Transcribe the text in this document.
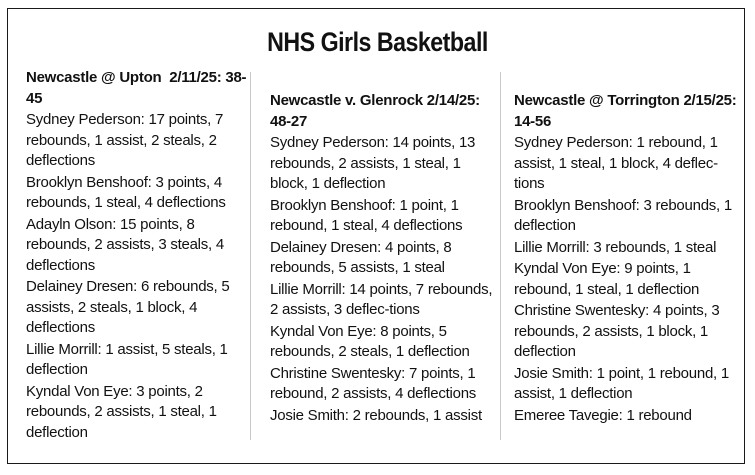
NHS Girls Basketball
Newcastle @ Upton  2/11/25: 38-45
Sydney Pederson: 17 points, 7 rebounds, 1 assist, 2 steals, 2 deflections
Brooklyn Benshoof: 3 points, 4 rebounds, 1 steal, 4 deflections
Adayln Olson: 15 points, 8 rebounds, 2 assists, 3 steals, 4 deflections
Delainey Dresen: 6 rebounds, 5 assists, 2 steals, 1 block, 4 deflections
Lillie Morrill: 1 assist, 5 steals, 1 deflection
Kyndal Von Eye: 3 points, 2 rebounds, 2 assists, 1 steal, 1 deflection
Newcastle v. Glenrock 2/14/25: 48-27
Sydney Pederson: 14 points, 13 rebounds, 2 assists, 1 steal, 1 block, 1 deflection
Brooklyn Benshoof: 1 point, 1 rebound, 1 steal, 4 deflections
Delainey Dresen: 4 points, 8 rebounds, 5 assists, 1 steal
Lillie Morrill: 14 points, 7 rebounds, 2 assists, 3 deflec-tions
Kyndal Von Eye: 8 points, 5 rebounds, 2 steals, 1 deflection
Christine Swentesky: 7 points, 1 rebound, 2 assists, 4 deflections
Josie Smith: 2 rebounds, 1 assist
Newcastle @ Torrington 2/15/25: 14-56
Sydney Pederson: 1 rebound, 1 assist, 1 steal, 1 block, 4 deflec-tions
Brooklyn Benshoof: 3 rebounds, 1 deflection
Lillie Morrill: 3 rebounds, 1 steal
Kyndal Von Eye: 9 points, 1 rebound, 1 steal, 1 deflection
Christine Swentesky: 4 points, 3 rebounds, 2 assists, 1 block, 1 deflection
Josie Smith: 1 point, 1 rebound, 1 assist, 1 deflection
Emeree Tavegie: 1 rebound
